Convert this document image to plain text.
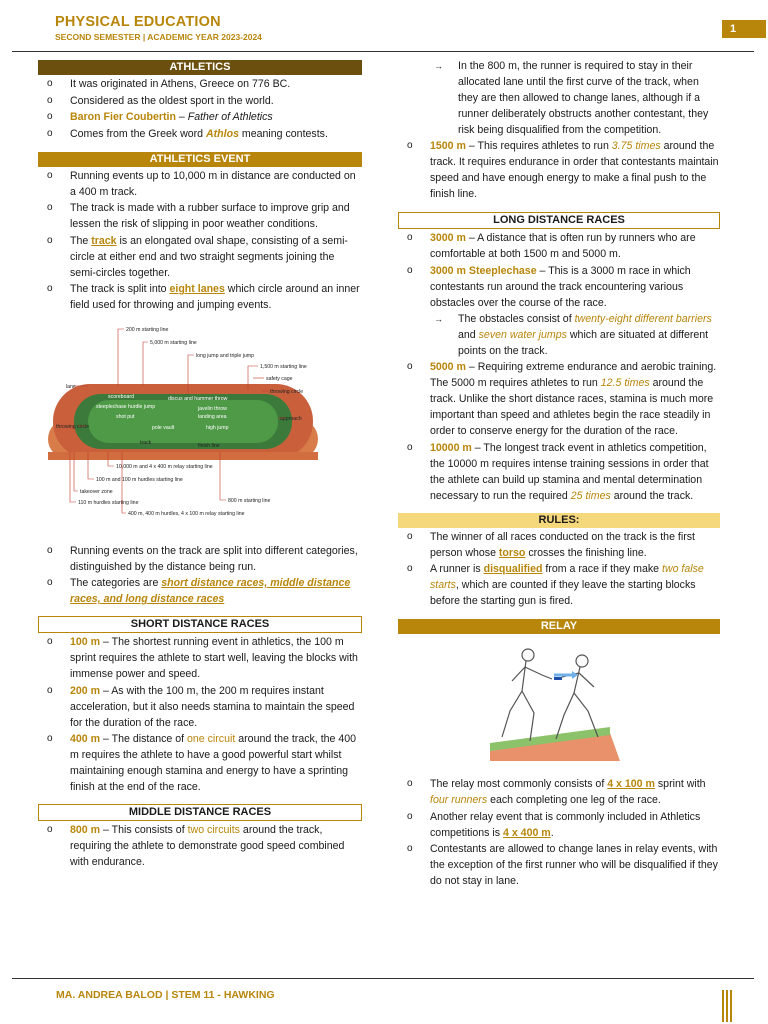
PHYSICAL EDUCATION
SECOND SEMESTER | ACADEMIC YEAR 2023-2024
1
ATHLETICS
o It was originated in Athens, Greece on 776 BC.
o Considered as the oldest sport in the world.
o Baron Fier Coubertin – Father of Athletics
o Comes from the Greek word Athlos meaning contests.
ATHLETICS EVENT
o Running events up to 10,000 m in distance are conducted on a 400 m track.
o The track is made with a rubber surface to improve grip and lessen the risk of slipping in poor weather conditions.
o The track is an elongated oval shape, consisting of a semi-circle at either end and two straight segments joining the semi-circles together.
o The track is split into eight lanes which circle around an inner field used for throwing and jumping events.
200 m starting line
5,000 m starting line
long jump and triple jump
1,500 m starting line
safety cage
lane
throwing circle
scoreboard	discus and hammer throw
steeplechase hurdle jump	javelin throw
shot put	landing area	approach
throwing circle	pole vault	high jump
track	finish line
10,000 m and 4 x 400 m relay starting line
100 m and 100 m hurdles starting line
takeover zone
110 m hurdles starting line	800 m starting line
400 m, 400 m hurdles, 4 x 100 m relay starting line
o Running events on the track are split into different categories, distinguished by the distance being run.
o The categories are short distance races, middle distance races, and long distance races
SHORT DISTANCE RACES
o 100 m – The shortest running event in athletics, the 100 m sprint requires the athlete to start well, leaving the blocks with immense power and speed.
o 200 m – As with the 100 m, the 200 m requires instant acceleration, but it also needs stamina to maintain the speed for the duration of the race.
o 400 m – The distance of one circuit around the track, the 400 m requires the athlete to have a good powerful start whilst maintaining enough stamina and energy to have a sprinting finish at the end of the race.
MIDDLE DISTANCE RACES
o 800 m – This consists of two circuits around the track, requiring the athlete to demonstrate good speed combined with endurance.
→ In the 800 m, the runner is required to stay in their allocated lane until the first curve of the track, when they are then allowed to change lanes, although if a runner deliberately obstructs another contestant, they risk being disqualified from the competition.
o 1500 m – This requires athletes to run 3.75 times around the track. It requires endurance in order that contestants maintain speed and have enough energy to make a final push to the finish line.
LONG DISTANCE RACES
o 3000 m – A distance that is often run by runners who are comfortable at both 1500 m and 5000 m.
o 3000 m Steeplechase – This is a 3000 m race in which contestants run around the track encountering various obstacles over the course of the race.
→ The obstacles consist of twenty-eight different barriers and seven water jumps which are situated at different points on the track.
o 5000 m – Requiring extreme endurance and aerobic training. The 5000 m requires athletes to run 12.5 times around the track. Unlike the short distance races, stamina is much more important than speed and athletes begin the race steadily in order to conserve energy for the duration of the race.
o 10000 m – The longest track event in athletics competition, the 10000 m requires intense training sessions in order that the athlete can build up stamina and mental determination necessary to run the required 25 times around the track.
RULES:
o The winner of all races conducted on the track is the first person whose torso crosses the finishing line.
o A runner is disqualified from a race if they make two false starts, which are counted if they leave the starting blocks before the starting gun is fired.
RELAY
o The relay most commonly consists of 4 x 100 m sprint with four runners each completing one leg of the race.
o Another relay event that is commonly included in Athletics competitions is 4 x 400 m.
o Contestants are allowed to change lanes in relay events, with the exception of the first runner who will be disqualified if they do not stay in lane.
MA. ANDREA BALOD | STEM 11 - HAWKING
